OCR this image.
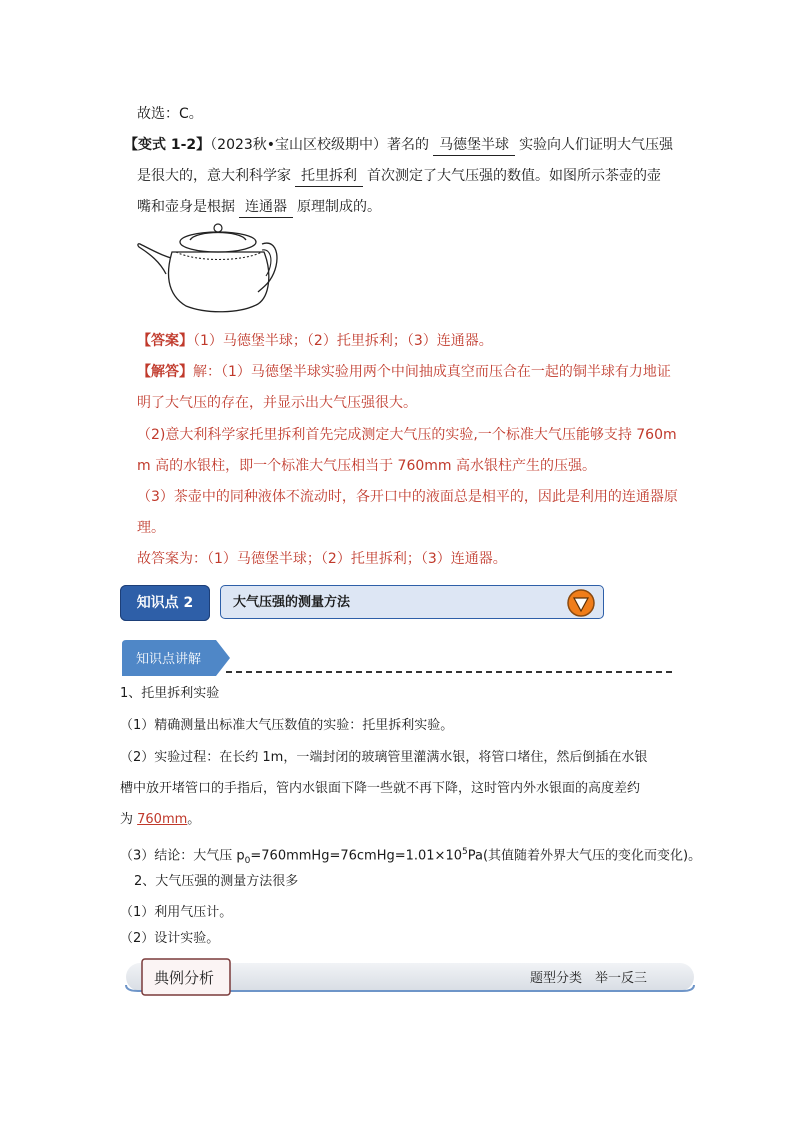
故选：C。
【变式 1-2】（2023秋•宝山区校级期中）著名的 马德堡半球 实验向人们证明大气压强
是很大的，意大利科学家 托里拆利 首次测定了大气压强的数值。如图所示茶壶的壶
嘴和壶身是根据 连通器 原理制成的。
【答案】（1）马德堡半球；（2）托里拆利；（3）连通器。
【解答】解：（1）马德堡半球实验用两个中间抽成真空而压合在一起的铜半球有力地证
明了大气压的存在，并显示出大气压强很大。
（2)意大利科学家托里拆利首先完成测定大气压的实验,一个标准大气压能够支持 760m
m 高的水银柱，即一个标准大气压相当于 760mm 高水银柱产生的压强。
（3）茶壶中的同种液体不流动时，各开口中的液面总是相平的，因此是利用的连通器原
理。
故答案为：（1）马德堡半球；（2）托里拆利；（3）连通器。
知识点 2	大气压强的测量方法
知识点讲解
1、托里拆利实验
（1）精确测量出标准大气压数值的实验：托里拆利实验。
（2）实验过程：在长约 1m，一端封闭的玻璃管里灌满水银，将管口堵住，然后倒插在水银
槽中放开堵管口的手指后，管内水银面下降一些就不再下降，这时管内外水银面的高度差约
为 760mm。
（3）结论：大气压 $p_0=760mmHg=76cmHg=1.01\times 10^5Pa$(其值随着外界大气压的变化而变化)。
2、大气压强的测量方法很多
（1）利用气压计。
（2）设计实验。
典例分析	题型分类　举一反三
